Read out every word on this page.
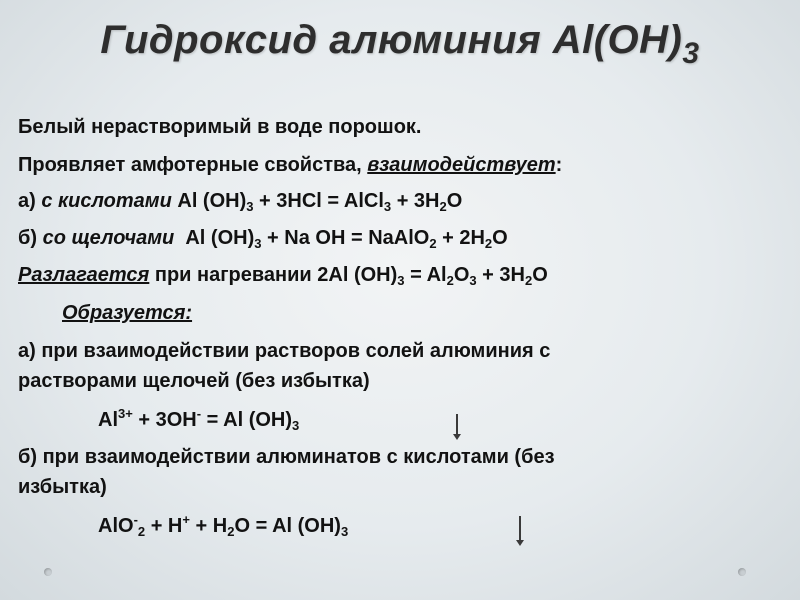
Гидроксид алюминия $Al(OH)_3$
Белый нерастворимый в воде порошок.
Проявляет амфотерные свойства, взаимодействует:
а) с кислотами Al $(OH)_3 + 3HCl$ = AlCl$_3$ + $3H_2O$
б) со щелочами  Al $(OH)_3 + Na$ OH = NaAlO$_2$ + $2H_2O$
Разлагается при нагревании 2Al $(OH)_3 = Al_2O_3 + 3H_2O$
Образуется:
а) при взаимодействии растворов солей алюминия с
растворами щелочей (без избытка)
$Al^{3+} + 3OH^- = Al$ $(OH)_3$
б) при взаимодействии алюминатов с кислотами (без
избытка)
$AlO^-_2 + H^+ + H_2O = Al$ $(OH)_3$
